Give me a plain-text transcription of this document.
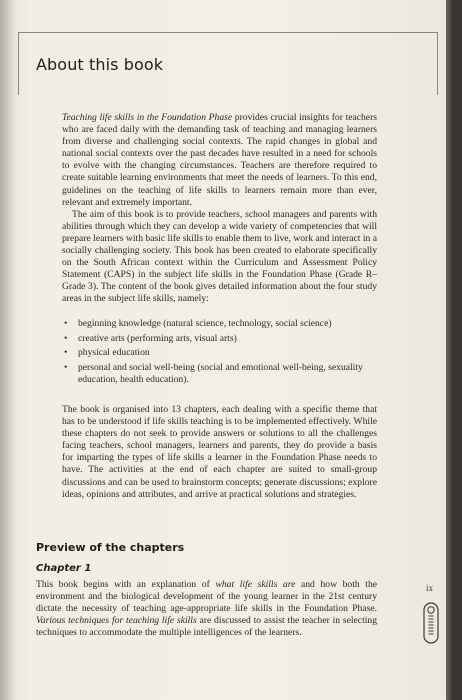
About this book

Teaching life skills in the Foundation Phase provides crucial insights for teachers who are faced daily with the demanding task of teaching and managing learners from diverse and challenging social contexts. The rapid changes in global and national social contexts over the past decades have resulted in a need for schools to evolve with the changing circumstances. Teachers are therefore required to create suitable learning environments that meet the needs of learners. To this end, guidelines on the teaching of life skills to learners remain more than ever, relevant and extremely important.

The aim of this book is to provide teachers, school managers and parents with abilities through which they can develop a wide variety of competencies that will prepare learners with basic life skills to enable them to live, work and interact in a socially challenging society. This book has been created to elaborate specifically on the South African context within the Curriculum and Assessment Policy Statement (CAPS) in the subject life skills in the Foundation Phase (Grade R–Grade 3). The content of the book gives detailed information about the four study areas in the subject life skills, namely:

• beginning knowledge (natural science, technology, social science)
• creative arts (performing arts, visual arts)
• physical education
• personal and social well-being (social and emotional well-being, sexuality education, health education).

The book is organised into 13 chapters, each dealing with a specific theme that has to be understood if life skills teaching is to be implemented effectively. While these chapters do not seek to provide answers or solutions to all the challenges facing teachers, school managers, learners and parents, they do provide a basis for imparting the types of life skills a learner in the Foundation Phase needs to have. The activities at the end of each chapter are suited to small-group discussions and can be used to brainstorm concepts; generate discussions; explore ideas, opinions and attributes, and arrive at practical solutions and strategies.

Preview of the chapters
Chapter 1

This book begins with an explanation of what life skills are and how both the environment and the biological development of the young learner in the 21st century dictate the necessity of teaching age-appropriate life skills in the Foundation Phase. Various techniques for teaching life skills are discussed to assist the teacher in selecting techniques to accommodate the multiple intelligences of the learners.

ix
